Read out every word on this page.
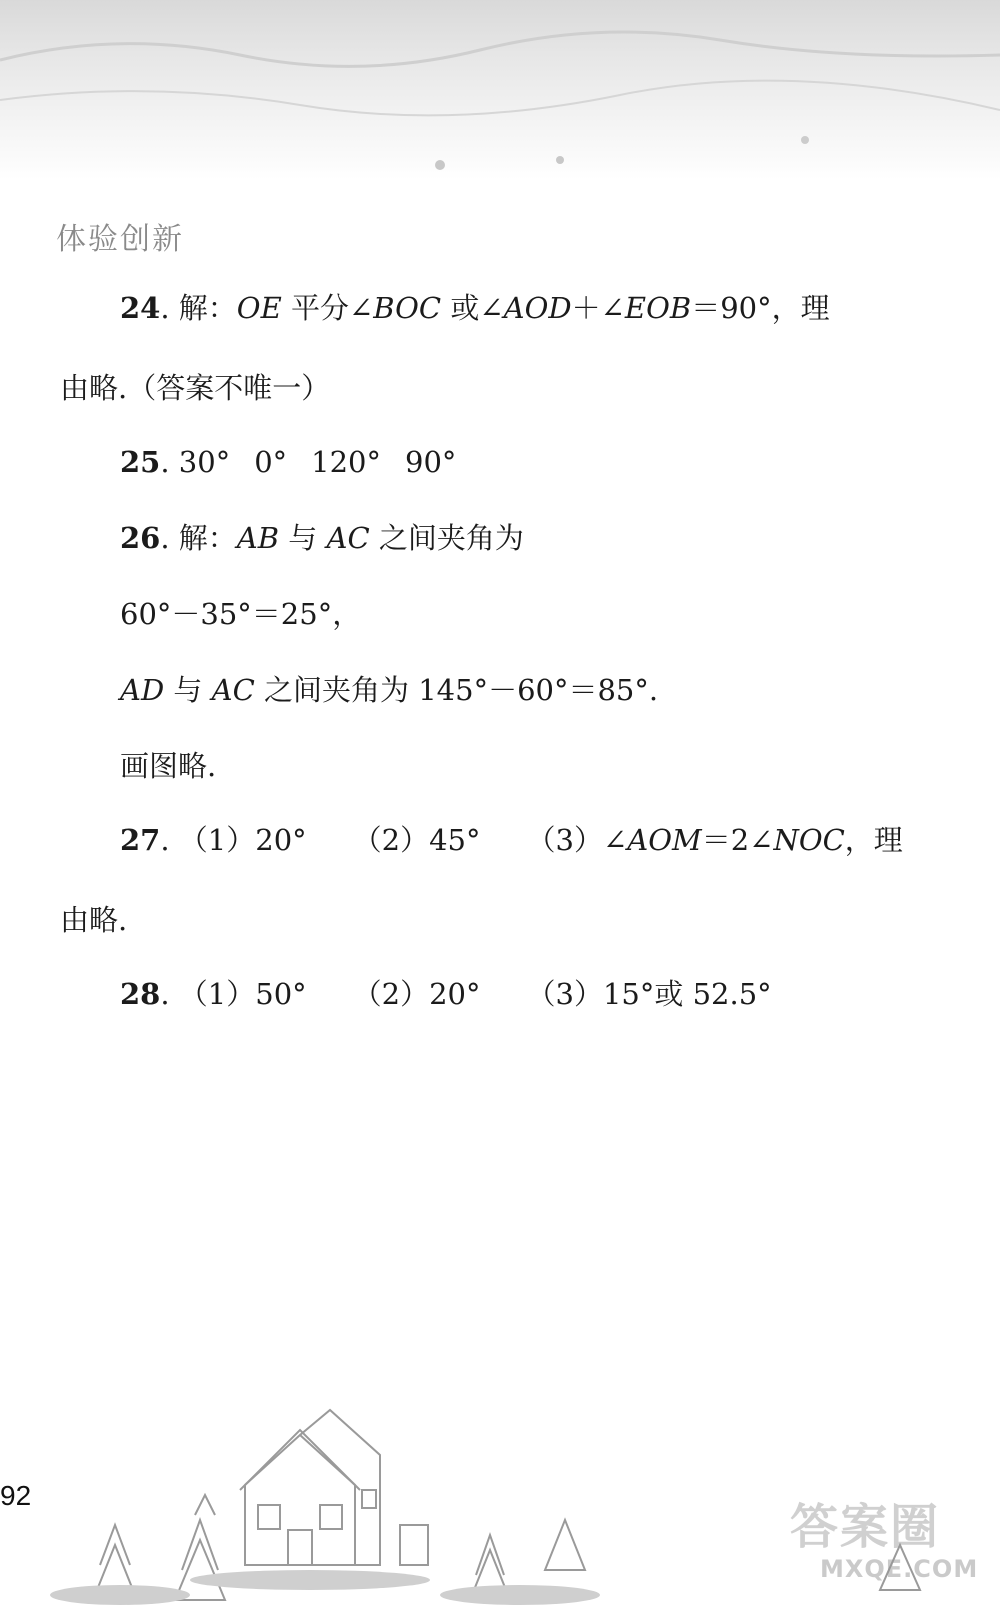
体验创新
24. 解：OE 平分∠BOC 或∠AOD＋∠EOB＝90°，理
由略.（答案不唯一）
25. 30° 0° 120° 90°
26. 解：AB 与 AC 之间夹角为
60°－35°＝25°，
AD 与 AC 之间夹角为 145°－60°＝85°.
画图略.
27. （1）20° （2）45° （3）∠AOM＝2∠NOC，理
由略.
28. （1）50° （2）20° （3）15°或 52.5°
92
答案圈
MXQE.COM
